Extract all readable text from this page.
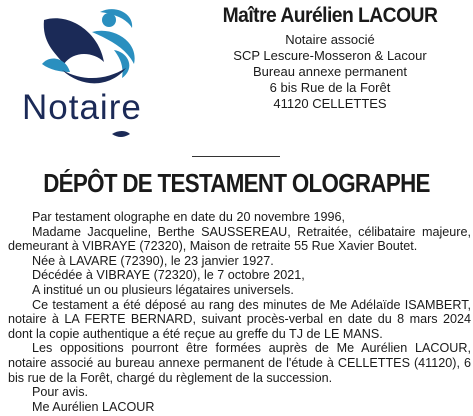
Notaire
Maître Aurélien LACOUR
Notaire associé
SCP Lescure-Mosseron & Lacour
Bureau annexe permanent
6 bis Rue de la Forêt
41120 CELLETTES
DÉPÔT DE TESTAMENT OLOGRAPHE

Par testament olographe en date du 20 novembre 1996,

Madame Jacqueline, Berthe SAUSSEREAU, Retraitée, célibataire majeure, demeurant à VIBRAYE (72320), Maison de retraite 55 Rue Xavier Boutet.

Née à LAVARE (72390), le 23 janvier 1927.

Décédée à VIBRAYE (72320), le 7 octobre 2021,

A institué un ou plusieurs légataires universels.

Ce testament a été déposé au rang des minutes de Me Adélaïde ISAMBERT, notaire à LA FERTE BERNARD, suivant procès-verbal en date du 8 mars 2024 dont la copie authentique a été reçue au greffe du TJ de LE MANS.

Les oppositions pourront être formées auprès de Me Aurélien LACOUR, notaire associé au bureau annexe permanent de l'étude à CELLETTES (41120), 6 bis rue de la Forêt, chargé du règlement de la succession.

Pour avis.

Me Aurélien LACOUR
